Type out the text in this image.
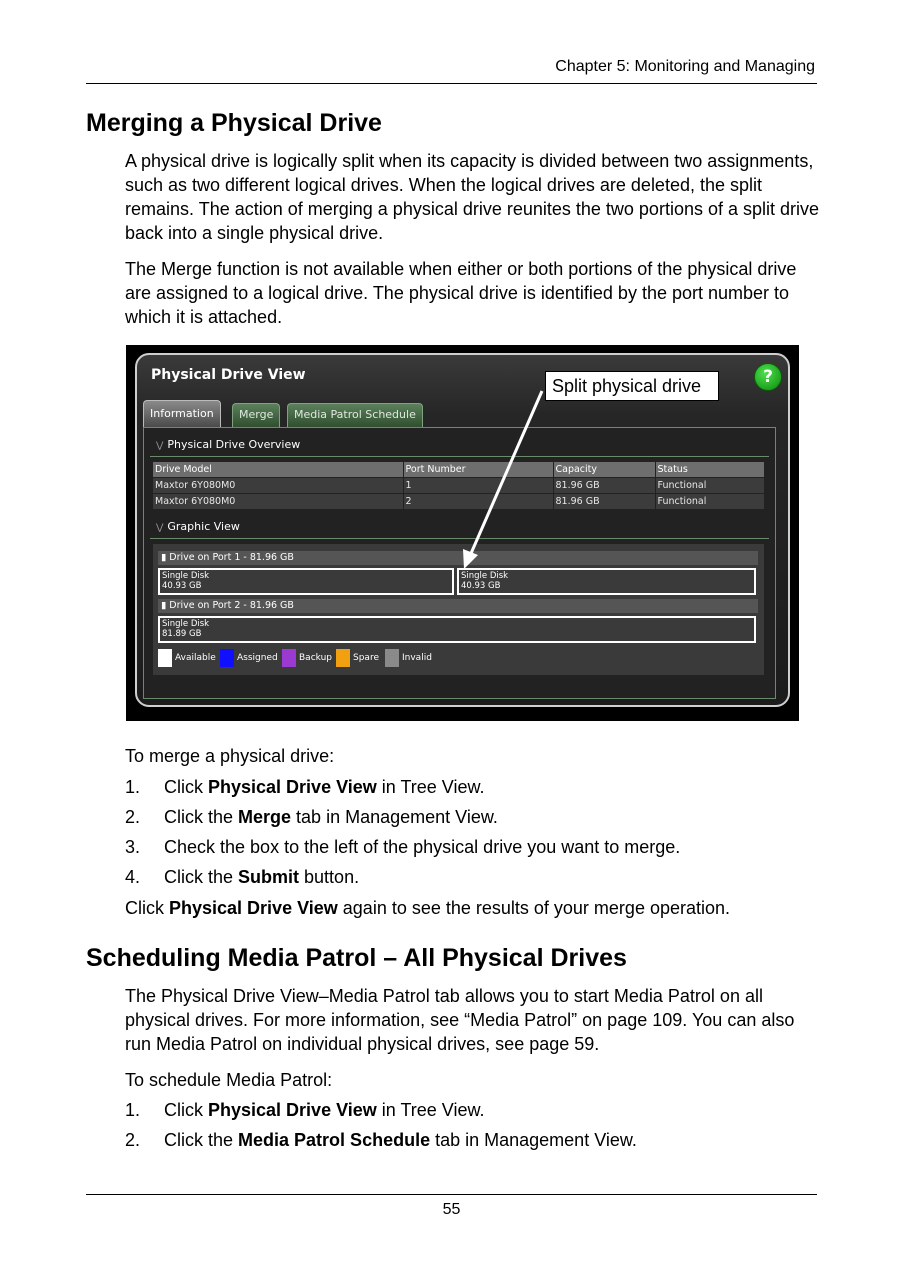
Chapter 5: Monitoring and Managing
Merging a Physical Drive

A physical drive is logically split when its capacity is divided between two assignments, such as two different logical drives. When the logical drives are deleted, the split remains. The action of merging a physical drive reunites the two portions of a split drive back into a single physical drive.

The Merge function is not available when either or both portions of the physical drive are assigned to a logical drive. The physical drive is identified by the port number to which it is attached.

Physical Drive View
Split physical drive	?
Information	Merge	Media Patrol Schedule
⋁ Physical Drive Overview
Drive Model	Port Number	Capacity	Status
Maxtor 6Y080M0	1	81.96 GB	Functional
Maxtor 6Y080M0	2	81.96 GB	Functional
⋁ Graphic View
▮ Drive on Port 1 - 81.96 GB
Single Disk
40.93 GB
Single Disk
40.93 GB
▮ Drive on Port 2 - 81.96 GB
Single Disk
81.89 GB
Available	Assigned	Backup	Spare	Invalid
To merge a physical drive:
1. Click Physical Drive View in Tree View.
2. Click the Merge tab in Management View.
3. Check the box to the left of the physical drive you want to merge.
4. Click the Submit button.
Click Physical Drive View again to see the results of your merge operation.
Scheduling Media Patrol – All Physical Drives

The Physical Drive View–Media Patrol tab allows you to start Media Patrol on all physical drives. For more information, see “Media Patrol” on page 109. You can also run Media Patrol on individual physical drives, see page 59.

To schedule Media Patrol:
1. Click Physical Drive View in Tree View.
2. Click the Media Patrol Schedule tab in Management View.
55
